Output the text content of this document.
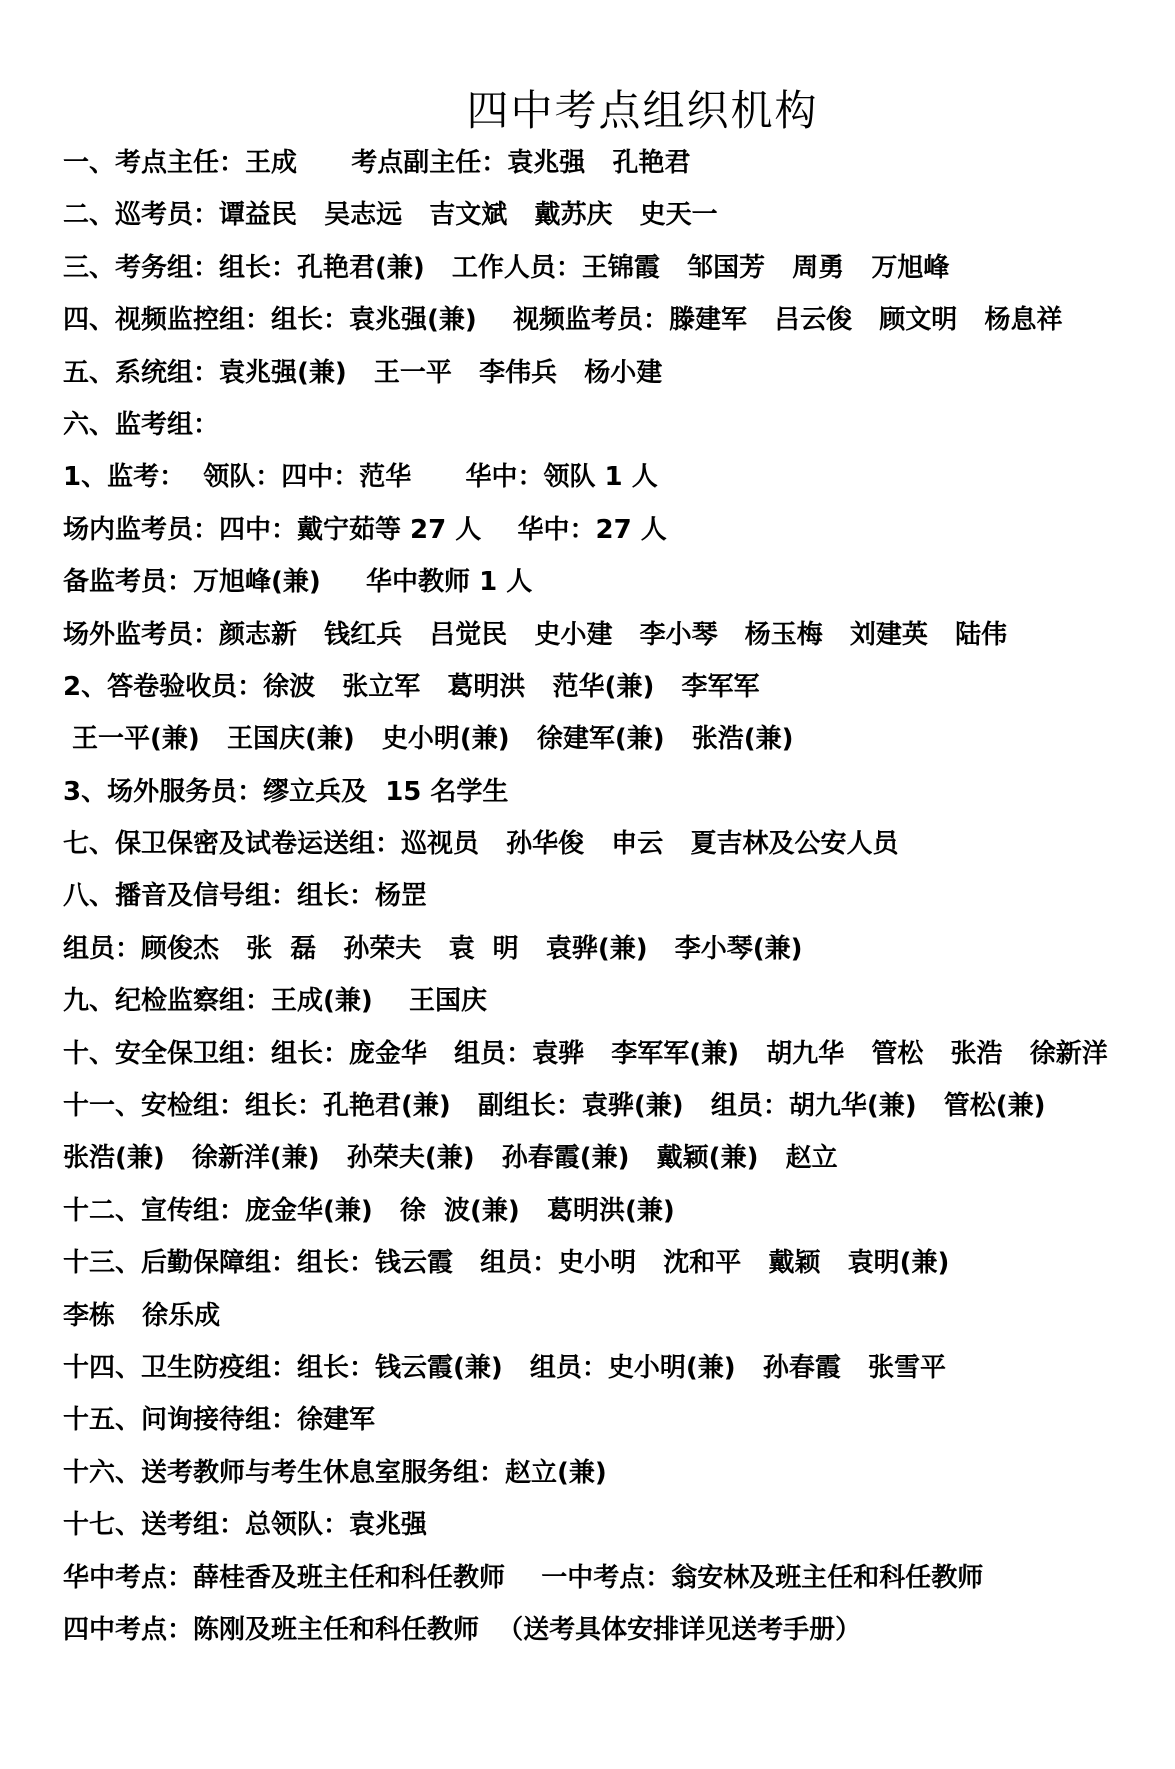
四中考点组织机构
一、考点主任：王成      考点副主任：袁兆强   孔艳君
二、巡考员：谭益民   吴志远   吉文斌   戴苏庆   史天一
三、考务组：组长：孔艳君(兼)   工作人员：王锦霞   邹国芳   周勇   万旭峰
四、视频监控组：组长：袁兆强(兼)    视频监考员：滕建军   吕云俊   顾文明   杨息祥
五、系统组：袁兆强(兼)   王一平   李伟兵   杨小建
六、监考组：
1、监考：  领队：四中：范华      华中：领队 1 人
场内监考员：四中：戴宁茹等 27 人    华中：27 人
备监考员：万旭峰(兼)     华中教师 1 人
场外监考员：颜志新   钱红兵   吕觉民   史小建   李小琴   杨玉梅   刘建英   陆伟
2、答卷验收员：徐波   张立军   葛明洪   范华(兼)   李军军
王一平(兼)   王国庆(兼)   史小明(兼)   徐建军(兼)   张浩(兼)
3、场外服务员：缪立兵及  15 名学生
七、保卫保密及试卷运送组：巡视员   孙华俊   申云   夏吉林及公安人员
八、播音及信号组：组长：杨罡
组员：顾俊杰   张  磊   孙荣夫   袁  明   袁骅(兼)   李小琴(兼)
九、纪检监察组：王成(兼)    王国庆
十、安全保卫组：组长：庞金华   组员：袁骅   李军军(兼)   胡九华   管松   张浩   徐新洋
十一、安检组：组长：孔艳君(兼)   副组长：袁骅(兼)   组员：胡九华(兼)   管松(兼)
张浩(兼)   徐新洋(兼)   孙荣夫(兼)   孙春霞(兼)   戴颖(兼)   赵立
十二、宣传组：庞金华(兼)   徐  波(兼)   葛明洪(兼)
十三、后勤保障组：组长：钱云霞   组员：史小明   沈和平   戴颖   袁明(兼)
李栋   徐乐成
十四、卫生防疫组：组长：钱云霞(兼)   组员：史小明(兼)   孙春霞   张雪平
十五、问询接待组：徐建军
十六、送考教师与考生休息室服务组：赵立(兼)
十七、送考组：总领队：袁兆强
华中考点：薛桂香及班主任和科任教师    一中考点：翁安林及班主任和科任教师
四中考点：陈刚及班主任和科任教师  （送考具体安排详见送考手册）
